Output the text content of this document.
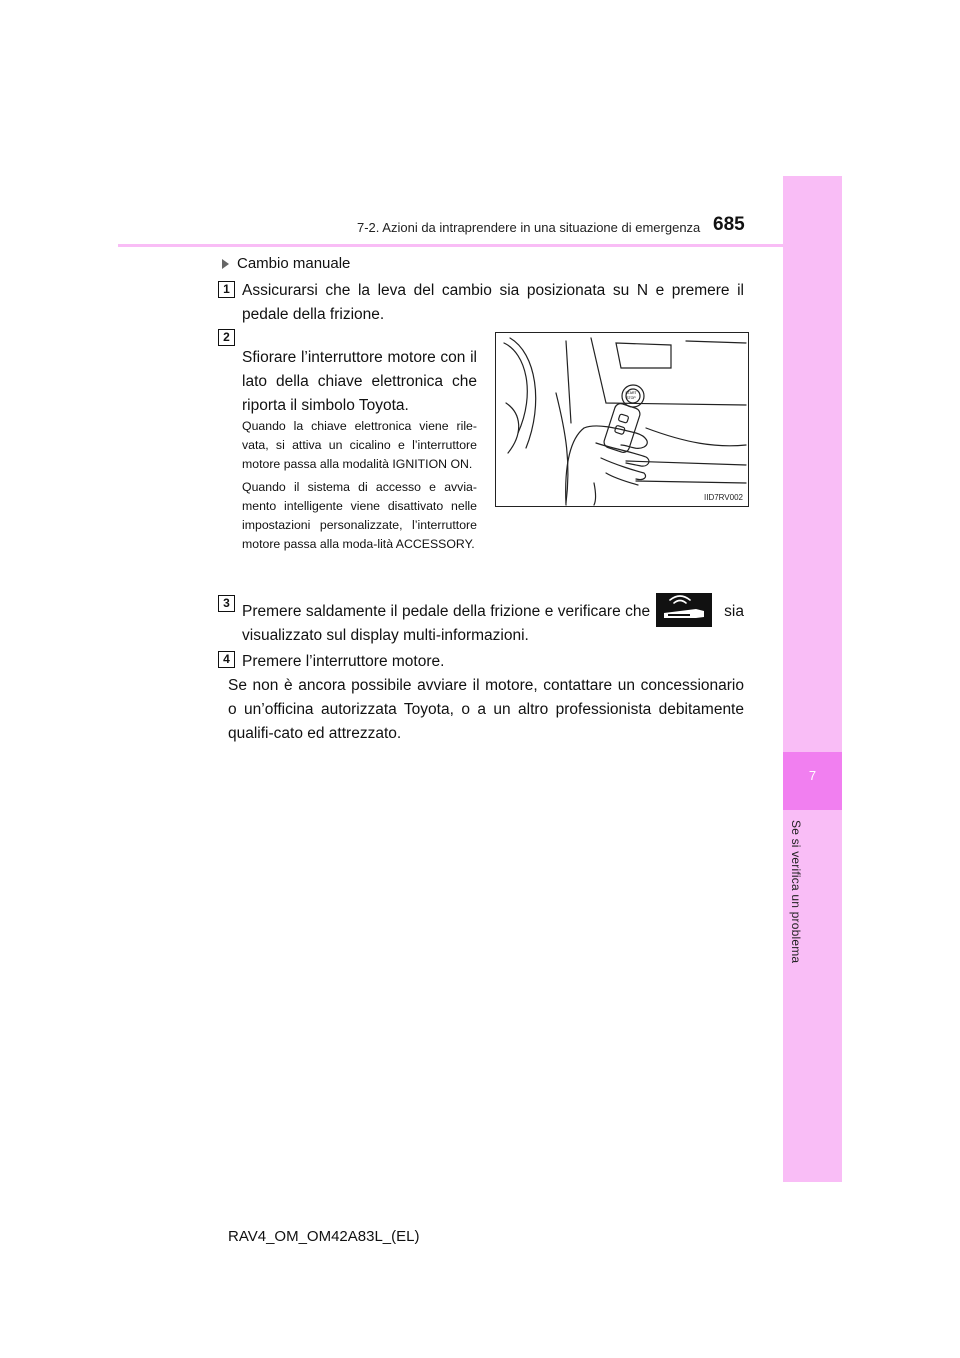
7
Se si verifica un problema
7-2. Azioni da intraprendere in una situazione di emergenza 685
Cambio manuale
1 Assicurarsi che la leva del cambio sia posizionata su N e premere il pedale della frizione.
2
Sfiorare l’interruttore motore con il lato della chiave elettronica che riporta il simbolo Toyota.
Quando la chiave elettronica viene rile-vata, si attiva un cicalino e l’interruttore motore passa alla modalità IGNITION ON.
Quando il sistema di accesso e avvia-mento intelligente viene disattivato nelle impostazioni personalizzate, l’interruttore motore passa alla moda-lità ACCESSORY.
START
STOP
IID7RV002
3 Premere saldamente il pedale della frizione e verificare che	sia
visualizzato sul display multi-informazioni.
4 Premere l’interruttore motore.
Se non è ancora possibile avviare il motore, contattare un concessionario o un’officina autorizzata Toyota, o a un altro professionista debitamente qualifi-cato ed attrezzato.
RAV4_OM_OM42A83L_(EL)
